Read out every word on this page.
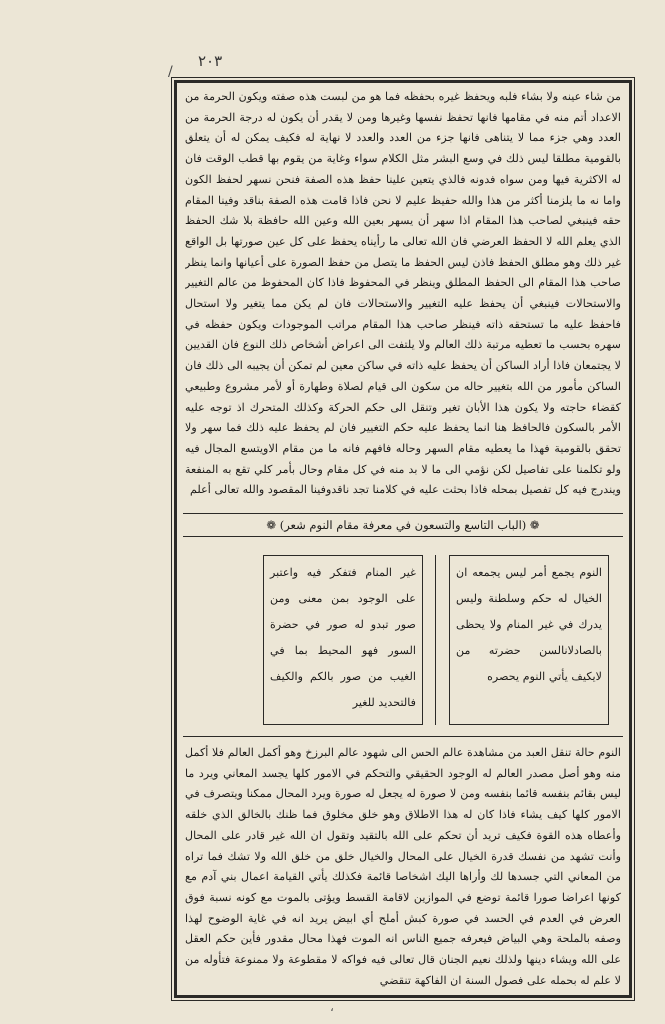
٢٠٣
/
من شاء عينه ولا بشاء فلبه ويحفظ غيره بحفظه فما هو من لبست هذه صفته ويكون الحرمة من الاعداد أتم منه في مقامها فانها تحفظ نفسها وغيرها ومن لا يقدر أن يكون له درجة الحرمة من العدد وهي جزء مما لا يتناهى فانها جزء من العدد والعدد لا نهاية له فكيف يمكن له أن يتعلق بالقومية مطلقا ليس ذلك في وسع البشر مثل الكلام سواء وغاية من يقوم بها قطب الوقت فان له الاكثرية فيها ومن سواه فدونه فالذي يتعين علينا حفظ هذه الصفة فنحن نسهر لحفظ الكون واما نه ما يلزمنا أكثر من هذا والله حفيظ عليم لا نحن فاذا قامت هذه الصفة بناقد وفينا المقام حقه فينبغي لصاحب هذا المقام اذا سهر أن يسهر بعين الله وعين الله حافظة بلا شك الحفظ الذي يعلم الله لا الحفظ العرضي فان الله تعالى ما رأيناه يحفظ على كل عين صورتها بل الواقع غير ذلك وهو مطلق الحفظ فاذن ليس الحفظ ما يتصل من حفظ الصورة على أعيانها وانما ينظر صاحب هذا المقام الى الحفظ المطلق وينظر في المحفوظ فاذا كان المحفوظ من عالم التغيير والاستحالات فينبغي أن يحفظ عليه التغيير والاستحالات فان لم يكن مما يتغير ولا استحال فاحفظ عليه ما تستحقه ذاته فينظر صاحب هذا المقام مراتب الموجودات ويكون حفظه في سهره بحسب ما تعطيه مرتبة ذلك العالم ولا يلتفت الى اعراض أشخاص ذلك النوع فان القديين لا يجتمعان فاذا أراد الساكن أن يحفظ عليه ذاته في ساكن معين لم تمكن أن يجيبه الى ذلك فان الساكن مأمور من الله بتغيير حاله من سكون الى قيام لصلاة وطهارة أو لأمر مشروع وطبيعي كقضاء حاجته ولا يكون هذا الأبان تغير وتنقل الى حكم الحركة وكذلك المتحرك اذ توجه عليه الأمر بالسكون فالحافظ هنا انما يحفظ عليه حكم التغيير فان لم يحفظ عليه ذلك فما سهر ولا تحقق بالقومية فهذا ما يعطيه مقام السهر وحاله فافهم فانه ما من مقام الاويتسع المجال فيه ولو تكلمنا على تفاصيل لكن نؤمي الى ما لا بد منه في كل مقام وحال بأمر كلي تقع به المنفعة ويندرج فيه كل تفصيل بمحله فاذا بحثت عليه في كلامنا تجد ناقدوفينا المقصود والله تعالى أعلم
❁ (الباب التاسع والتسعون في معرفة مقام النوم شعر) ❁
النوم يجمع أمر ليس يجمعه ان الخيال له حكم وسلطنة وليس يدرك في غير المنام ولا يحظى بالصادلانالسن حضرته من لايكيف يأتي النوم يحصره
غير المنام فتفكر فيه واعتبر على الوجود بمن معنى ومن صور تبدو له صور في حضرة السور فهو المحيط بما في الغيب من صور بالكم والكيف فالتحديد للغير
النوم حالة تنقل العبد من مشاهدة عالم الحس الى شهود عالم البرزخ وهو أكمل العالم فلا أكمل منه وهو أصل مصدر العالم له الوجود الحقيقي والتحكم في الامور كلها يجسد المعاني ويرد ما ليس بقائم بنفسه قائما بنفسه ومن لا صورة له يجعل له صورة ويرد المحال ممكنا ويتصرف في الامور كلها كيف يشاء فاذا كان له هذا الاطلاق وهو خلق مخلوق فما ظنك بالخالق الذي خلقه وأعطاه هذه القوة فكيف تريد أن تحكم على الله بالتقيد وتقول ان الله غير قادر على المحال وأنت تشهد من نفسك قدرة الخيال على المحال والخيال خلق من خلق الله ولا تشك فما تراه من المعاني التي جسدها لك وأراها اليك اشخاصا قائمة فكذلك يأتي القيامة اعمال بني آدم مع كونها اعراضا صورا قائمة توضع في الموازين لاقامة القسط ويؤتى بالموت مع كونه نسبة فوق العرض في العدم في الحسد في صورة كبش أملح أي ابيض يريد انه في غاية الوضوح لهذا وصفه بالملحة وهي البياض فيعرفه جميع الناس انه الموت فهذا محال مقدور فأين حكم العقل على الله ويشاء دينها ولذلك نعيم الجنان قال تعالى فيه فواكه لا مقطوعة ولا ممنوعة فتأوله من لا علم له بحمله على فصول السنة ان الفاكهة تنقضي
،
